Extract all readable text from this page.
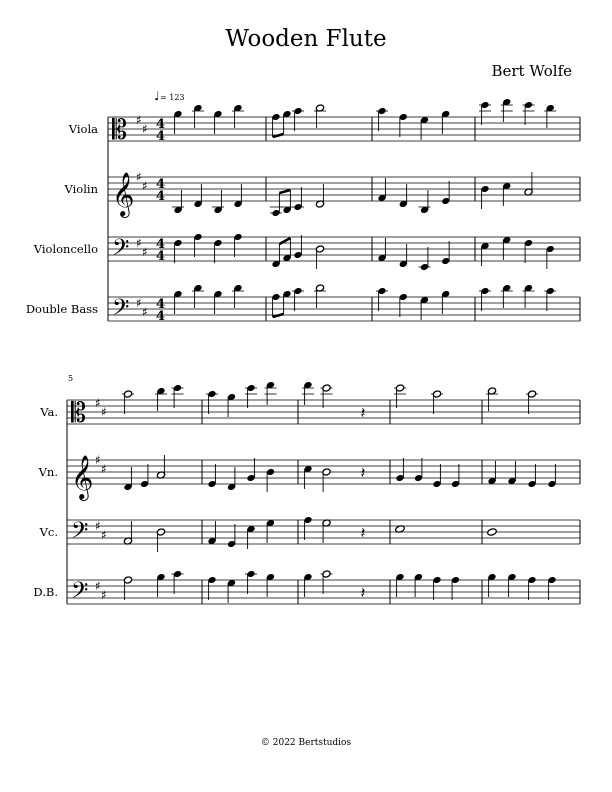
Wooden Flute
Bert Wolfe
♩ = 123
5
Viola 𝄡 ♯
♯ 4
4
Violin 𝄞 ♯
♯ 4
4
Violoncello 𝄢 ♯
♯ 4
4
Double Bass 𝄢 ♯
♯ 4
4
Va. 𝄡 ♯
♯	𝄽
Vn. 𝄞 ♯
♯	𝄽
Vc. 𝄢 ♯
♯	𝄽
D.B. 𝄢 ♯
♯	𝄽
© 2022 Bertstudios
